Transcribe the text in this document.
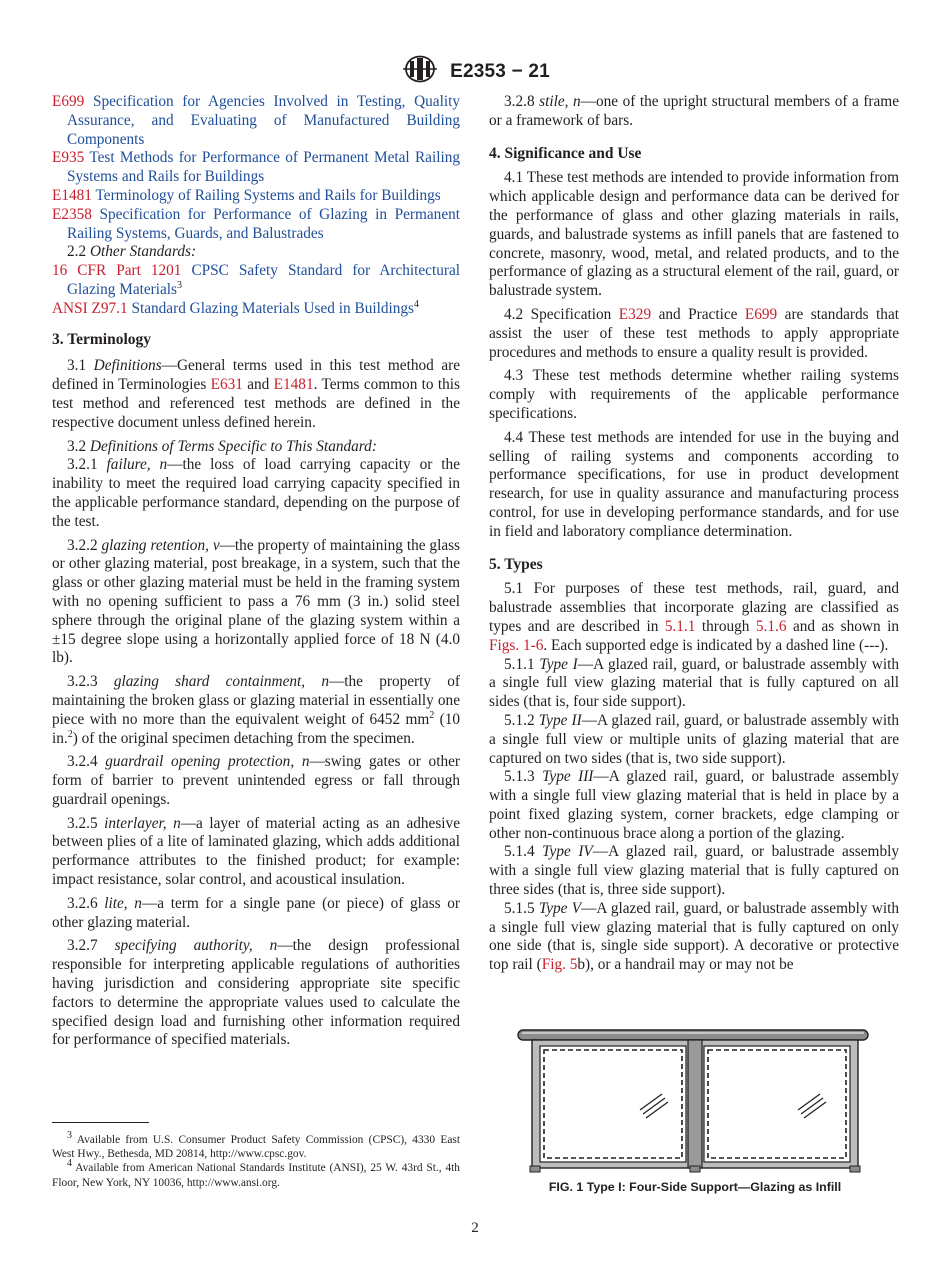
E2353 − 21

E699 Specification for Agencies Involved in Testing, Quality Assurance, and Evaluating of Manufactured Building Components

E935 Test Methods for Performance of Permanent Metal Railing Systems and Rails for Buildings

E1481 Terminology of Railing Systems and Rails for Buildings

E2358 Specification for Performance of Glazing in Permanent Railing Systems, Guards, and Balustrades

2.2 Other Standards:

16 CFR Part 1201 CPSC Safety Standard for Architectural Glazing Materials$^3$

ANSI Z97.1 Standard Glazing Materials Used in Buildings$^4$

3. Terminology

3.1 Definitions—General terms used in this test method are defined in Terminologies E631 and E1481. Terms common to this test method and referenced test methods are defined in the respective document unless defined herein.

3.2 Definitions of Terms Specific to This Standard:

3.2.1 failure, n—the loss of load carrying capacity or the inability to meet the required load carrying capacity specified in the applicable performance standard, depending on the purpose of the test.

3.2.2 glazing retention, v—the property of maintaining the glass or other glazing material, post breakage, in a system, such that the glass or other glazing material must be held in the framing system with no opening sufficient to pass a 76 mm (3 in.) solid steel sphere through the original plane of the glazing system within a ±15 degree slope using a horizontally applied force of 18 N (4.0 lb).

3.2.3 glazing shard containment, n—the property of maintaining the broken glass or glazing material in essentially one piece with no more than the equivalent weight of 6452 $mm^2$ (10 in.$^2$) of the original specimen detaching from the specimen.

3.2.4 guardrail opening protection, n—swing gates or other form of barrier to prevent unintended egress or fall through guardrail openings.

3.2.5 interlayer, n—a layer of material acting as an adhesive between plies of a lite of laminated glazing, which adds additional performance attributes to the finished product; for example: impact resistance, solar control, and acoustical insulation.

3.2.6 lite, n—a term for a single pane (or piece) of glass or other glazing material.

3.2.7 specifying authority, n—the design professional responsible for interpreting applicable regulations of authorities having jurisdiction and considering appropriate site specific factors to determine the appropriate values used to calculate the specified design load and furnishing other information required for performance of specified materials.

3.2.8 stile, n—one of the upright structural members of a frame or a framework of bars.

4. Significance and Use

4.1 These test methods are intended to provide information from which applicable design and performance data can be derived for the performance of glass and other glazing materials in rails, guards, and balustrade systems as infill panels that are fastened to concrete, masonry, wood, metal, and related products, and to the performance of glazing as a structural element of the rail, guard, or balustrade system.

4.2 Specification E329 and Practice E699 are standards that assist the user of these test methods to apply appropriate procedures and methods to ensure a quality result is provided.

4.3 These test methods determine whether railing systems comply with requirements of the applicable performance specifications.

4.4 These test methods are intended for use in the buying and selling of railing systems and components according to performance specifications, for use in product development research, for use in quality assurance and manufacturing process control, for use in developing performance standards, and for use in field and laboratory compliance determination.

5. Types

5.1 For purposes of these test methods, rail, guard, and balustrade assemblies that incorporate glazing are classified as types and are described in 5.1.1 through 5.1.6 and as shown in Figs. 1-6. Each supported edge is indicated by a dashed line (---).

5.1.1 Type I—A glazed rail, guard, or balustrade assembly with a single full view glazing material that is fully captured on all sides (that is, four side support).

5.1.2 Type II—A glazed rail, guard, or balustrade assembly with a single full view or multiple units of glazing material that are captured on two sides (that is, two side support).

5.1.3 Type III—A glazed rail, guard, or balustrade assembly with a single full view glazing material that is held in place by a point fixed glazing system, corner brackets, edge clamping or other non-continuous brace along a portion of the glazing.

5.1.4 Type IV—A glazed rail, guard, or balustrade assembly with a single full view glazing material that is fully captured on three sides (that is, three side support).

5.1.5 Type V—A glazed rail, guard, or balustrade assembly with a single full view glazing material that is fully captured on only one side (that is, single side support). A decorative or protective top rail (Fig. 5b), or a handrail may or may not be

FIG. 1 Type I: Four-Side Support—Glazing as Infill

$^3$ Available from U.S. Consumer Product Safety Commission (CPSC), 4330 East West Hwy., Bethesda, MD 20814, http://www.cpsc.gov.

$^4$ Available from American National Standards Institute (ANSI), 25 W. 43rd St., 4th Floor, New York, NY 10036, http://www.ansi.org.

2
